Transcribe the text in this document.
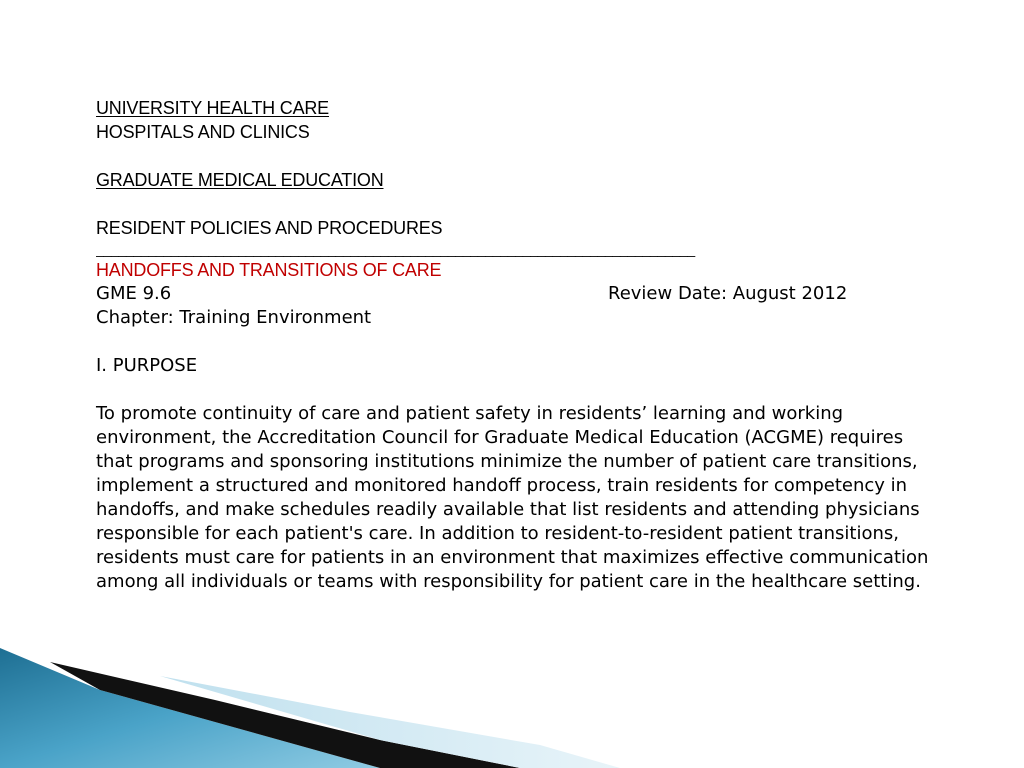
UNIVERSITY HEALTH CARE
HOSPITALS AND CLINICS
GRADUATE MEDICAL EDUCATION
RESIDENT POLICIES AND PROCEDURES
________________________________________________________________________________
HANDOFFS AND TRANSITIONS OF CARE
GME 9.6	Review Date: August 2012
Chapter: Training Environment
I. PURPOSE

To promote continuity of care and patient safety in residents’ learning and working environment, the Accreditation Council for Graduate Medical Education (ACGME) requires that programs and sponsoring institutions minimize the number of patient care transitions, implement a structured and monitored handoff process, train residents for competency in handoffs, and make schedules readily available that list residents and attending physicians responsible for each patient's care. In addition to resident-to-resident patient transitions, residents must care for patients in an environment that maximizes effective communication among all individuals or teams with responsibility for patient care in the healthcare setting.
